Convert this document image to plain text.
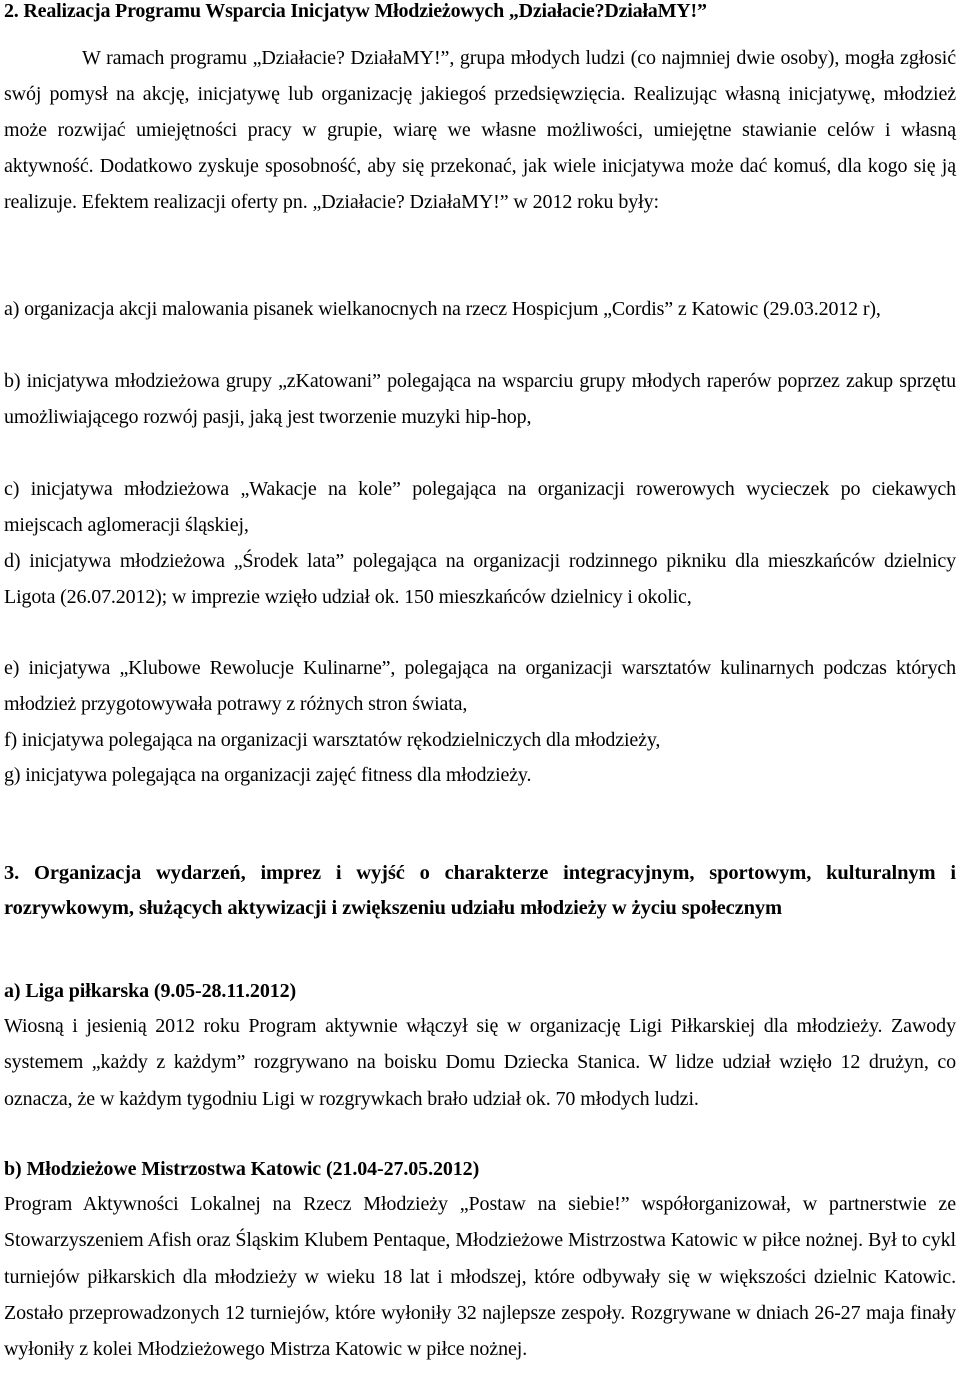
2. Realizacja Programu Wsparcia Inicjatyw Młodzieżowych „Działacie?DziałaMY!”

W ramach programu „Działacie? DziałaMY!”, grupa młodych ludzi (co najmniej dwie osoby), mogła zgłosić swój pomysł na akcję, inicjatywę lub organizację jakiegoś przedsięwzięcia. Realizując własną inicjatywę, młodzież może rozwijać umiejętności pracy w grupie, wiarę we własne możliwości, umiejętne stawianie celów i własną aktywność. Dodatkowo zyskuje sposobność, aby się przekonać, jak wiele inicjatywa może dać komuś, dla kogo się ją realizuje. Efektem realizacji oferty pn. „Działacie? DziałaMY!” w 2012 roku były:

a) organizacja akcji malowania pisanek wielkanocnych na rzecz Hospicjum „Cordis” z Katowic (29.03.2012 r),

b) inicjatywa młodzieżowa grupy „zKatowani” polegająca na wsparciu grupy młodych raperów poprzez zakup sprzętu umożliwiającego rozwój pasji, jaką jest tworzenie muzyki hip-hop,

c) inicjatywa młodzieżowa „Wakacje na kole” polegająca na organizacji rowerowych wycieczek po ciekawych miejscach aglomeracji śląskiej,

d) inicjatywa młodzieżowa „Środek lata” polegająca na organizacji rodzinnego pikniku dla mieszkańców dzielnicy Ligota (26.07.2012); w imprezie wzięło udział ok. 150 mieszkańców dzielnicy i okolic,

e) inicjatywa „Klubowe Rewolucje Kulinarne”, polegająca na organizacji warsztatów kulinarnych podczas których młodzież przygotowywała potrawy z różnych stron świata,

f) inicjatywa polegająca na organizacji warsztatów rękodzielniczych dla młodzieży,

g) inicjatywa polegająca na organizacji zajęć fitness dla młodzieży.

3. Organizacja wydarzeń, imprez i wyjść o charakterze integracyjnym, sportowym, kulturalnym i rozrywkowym, służących aktywizacji i zwiększeniu udziału młodzieży w życiu społecznym

a) Liga piłkarska (9.05-28.11.2012)

Wiosną i jesienią 2012 roku Program aktywnie włączył się w organizację Ligi Piłkarskiej dla młodzieży. Zawody systemem „każdy z każdym” rozgrywano na boisku Domu Dziecka Stanica. W lidze udział wzięło 12 drużyn, co oznacza, że w każdym tygodniu Ligi w rozgrywkach brało udział ok. 70 młodych ludzi.

b) Młodzieżowe Mistrzostwa Katowic (21.04-27.05.2012)

Program Aktywności Lokalnej na Rzecz Młodzieży „Postaw na siebie!” współorganizował, w partnerstwie ze Stowarzyszeniem Afish oraz Śląskim Klubem Pentaque, Młodzieżowe Mistrzostwa Katowic w piłce nożnej. Był to cykl turniejów piłkarskich dla młodzieży w wieku 18 lat i młodszej, które odbywały się w większości dzielnic Katowic. Zostało przeprowadzonych 12 turniejów, które wyłoniły 32 najlepsze zespoły. Rozgrywane w dniach 26-27 maja finały wyłoniły z kolei Młodzieżowego Mistrza Katowic w piłce nożnej.
